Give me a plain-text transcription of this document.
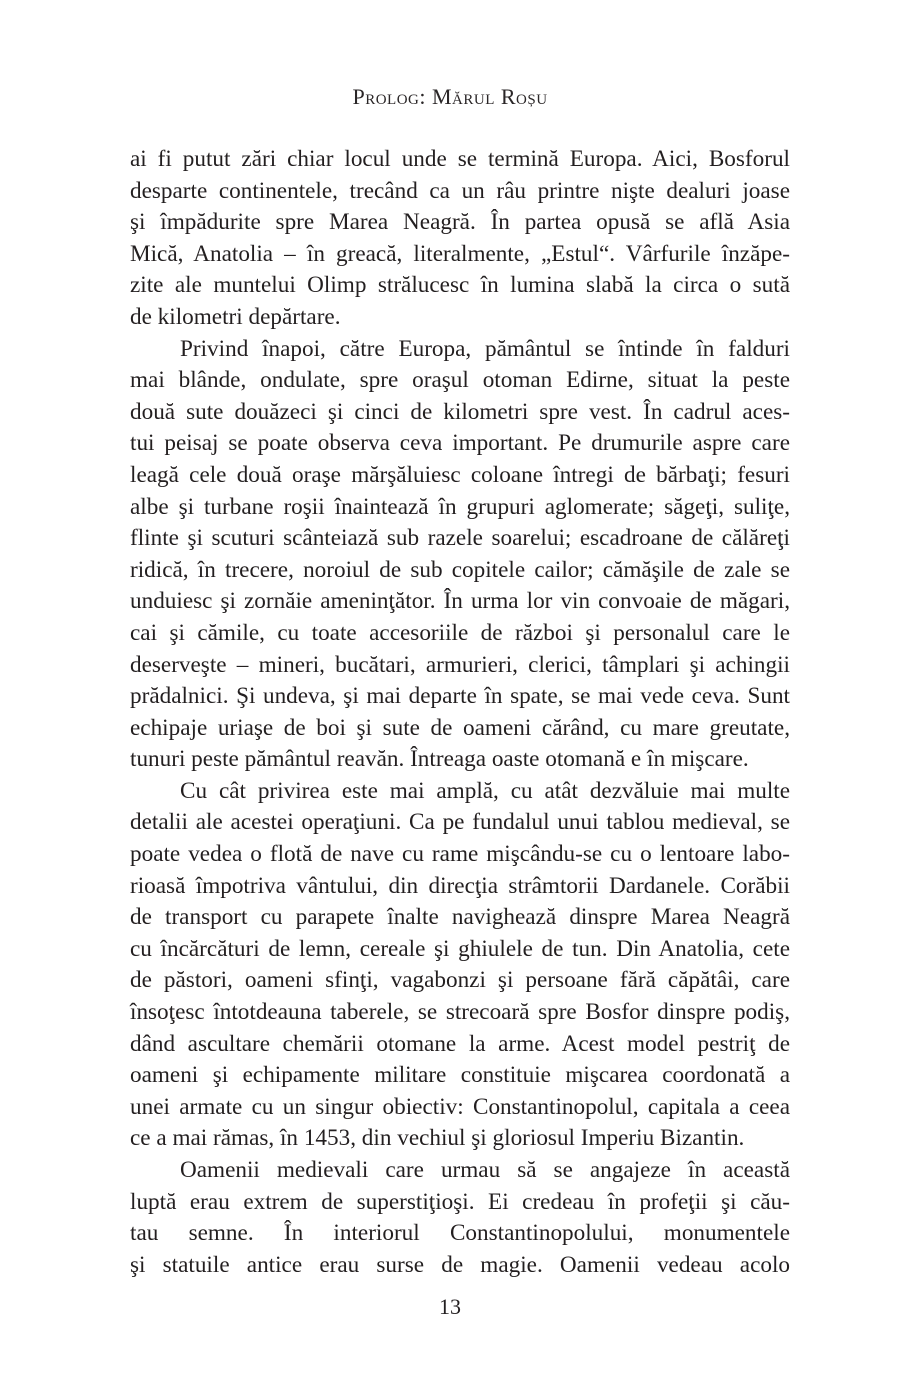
Prolog: Mărul Roșu
ai fi putut zări chiar locul unde se termină Europa. Aici, Bosforul
desparte continentele, trecând ca un râu printre nişte dealuri joase
şi împădurite spre Marea Neagră. În partea opusă se află Asia
Mică, Anatolia – în greacă, literalmente, „Estul“. Vârfurile înzăpe-
zite ale muntelui Olimp strălucesc în lumina slabă la circa o sută
de kilometri depărtare.
Privind înapoi, către Europa, pământul se întinde în falduri
mai blânde, ondulate, spre oraşul otoman Edirne, situat la peste
două sute douăzeci şi cinci de kilometri spre vest. În cadrul aces-
tui peisaj se poate observa ceva important. Pe drumurile aspre care
leagă cele două oraşe mărşăluiesc coloane întregi de bărbaţi; fesuri
albe şi turbane roşii înaintează în grupuri aglomerate; săgeţi, suliţe,
flinte şi scuturi scânteiază sub razele soarelui; escadroane de călăreţi
ridică, în trecere, noroiul de sub copitele cailor; cămăşile de zale se
unduiesc şi zornăie ameninţător. În urma lor vin convoaie de măgari,
cai şi cămile, cu toate accesoriile de război şi personalul care le
deserveşte – mineri, bucătari, armurieri, clerici, tâmplari şi achingii
prădalnici. Şi undeva, şi mai departe în spate, se mai vede ceva. Sunt
echipaje uriaşe de boi şi sute de oameni cărând, cu mare greutate,
tunuri peste pământul reavăn. Întreaga oaste otomană e în mişcare.
Cu cât privirea este mai amplă, cu atât dezvăluie mai multe
detalii ale acestei operaţiuni. Ca pe fundalul unui tablou medieval, se
poate vedea o flotă de nave cu rame mişcându-se cu o lentoare labo-
rioasă împotriva vântului, din direcţia strâmtorii Dardanele. Corăbii
de transport cu parapete înalte navighează dinspre Marea Neagră
cu încărcături de lemn, cereale şi ghiulele de tun. Din Anatolia, cete
de păstori, oameni sfinţi, vagabonzi şi persoane fără căpătâi, care
însoţesc întotdeauna taberele, se strecoară spre Bosfor dinspre podiş,
dând ascultare chemării otomane la arme. Acest model pestriţ de
oameni şi echipamente militare constituie mişcarea coordonată a
unei armate cu un singur obiectiv: Constantinopolul, capitala a ceea
ce a mai rămas, în 1453, din vechiul şi gloriosul Imperiu Bizantin.
Oamenii medievali care urmau să se angajeze în această
luptă erau extrem de superstiţioşi. Ei credeau în profeţii şi cău-
tau semne. În interiorul Constantinopolului, monumentele
şi statuile antice erau surse de magie. Oamenii vedeau acolo
13
